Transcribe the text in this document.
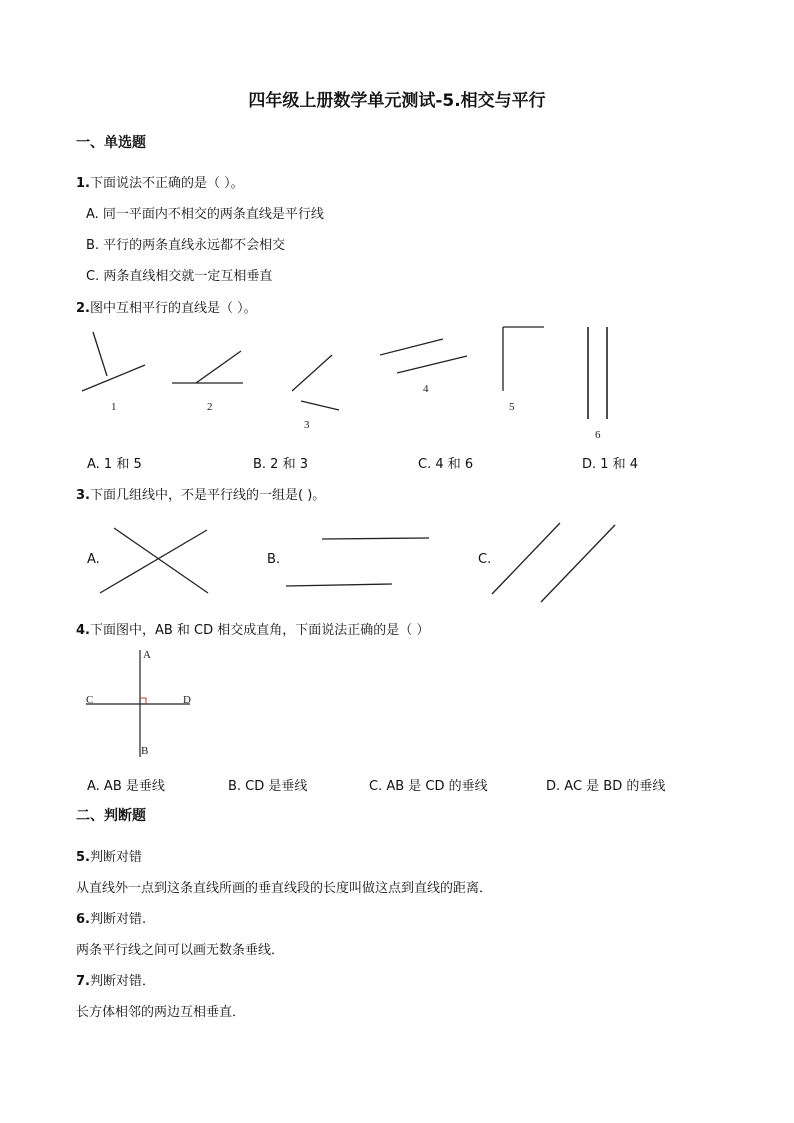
四年级上册数学单元测试-5.相交与平行
一、单选题
1.下面说法不正确的是（ ）。
A. 同一平面内不相交的两条直线是平行线
B. 平行的两条直线永远都不会相交
C. 两条直线相交就一定互相垂直
2.图中互相平行的直线是（ ）。
1	2
3
4
5
6
A
B
C	D
A. 1 和 5	B. 2 和 3	C. 4 和 6	D. 1 和 4
3.下面几组线中，不是平行线的一组是( )。
A.	B.	C.
4.下面图中，AB 和 CD 相交成直角，下面说法正确的是（ ）
A. AB 是垂线	B. CD 是垂线	C. AB 是 CD 的垂线	D. AC 是 BD 的垂线
二、判断题
5.判断对错
从直线外一点到这条直线所画的垂直线段的长度叫做这点到直线的距离．
6.判断对错.
两条平行线之间可以画无数条垂线．
7.判断对错．
长方体相邻的两边互相垂直．
